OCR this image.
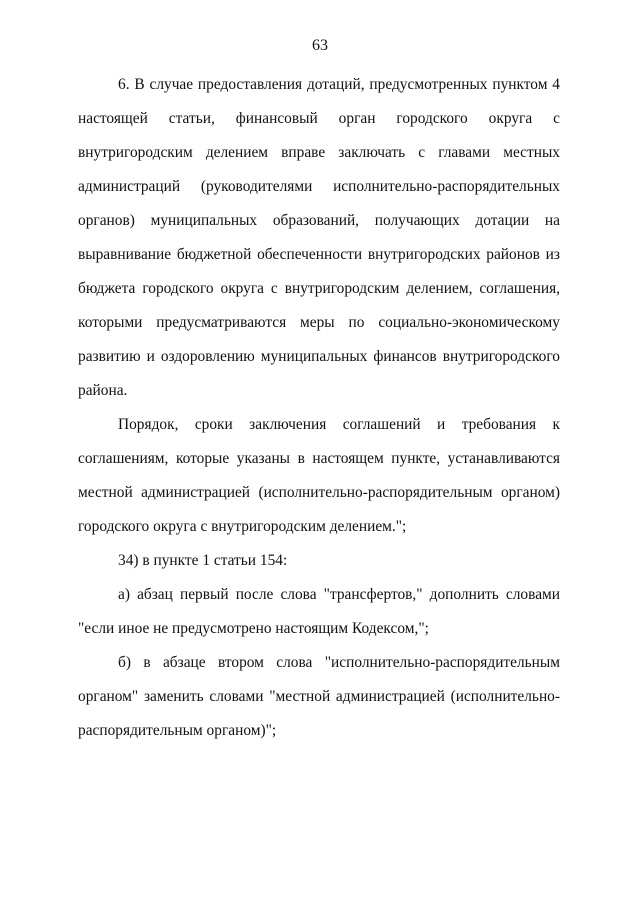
63

6. В случае предоставления дотаций, предусмотренных пунктом 4
настоящей статьи, финансовый орган городского округа с
внутригородским делением вправе заключать с главами местных
администраций (руководителями исполнительно-распорядительных
органов) муниципальных образований, получающих дотации на
выравнивание бюджетной обеспеченности внутригородских районов из
бюджета городского округа с внутригородским делением, соглашения,
которыми предусматриваются меры по социально-экономическому
развитию и оздоровлению муниципальных финансов внутригородского
района.

Порядок, сроки заключения соглашений и требования к
соглашениям, которые указаны в настоящем пункте, устанавливаются
местной администрацией (исполнительно-распорядительным органом)
городского округа с внутригородским делением.";

34) в пункте 1 статьи 154:

а) абзац первый после слова "трансфертов," дополнить словами
"если иное не предусмотрено настоящим Кодексом,";

б) в абзаце втором слова "исполнительно-распорядительным
органом" заменить словами "местной администрацией (исполнительно-
распорядительным органом)";
